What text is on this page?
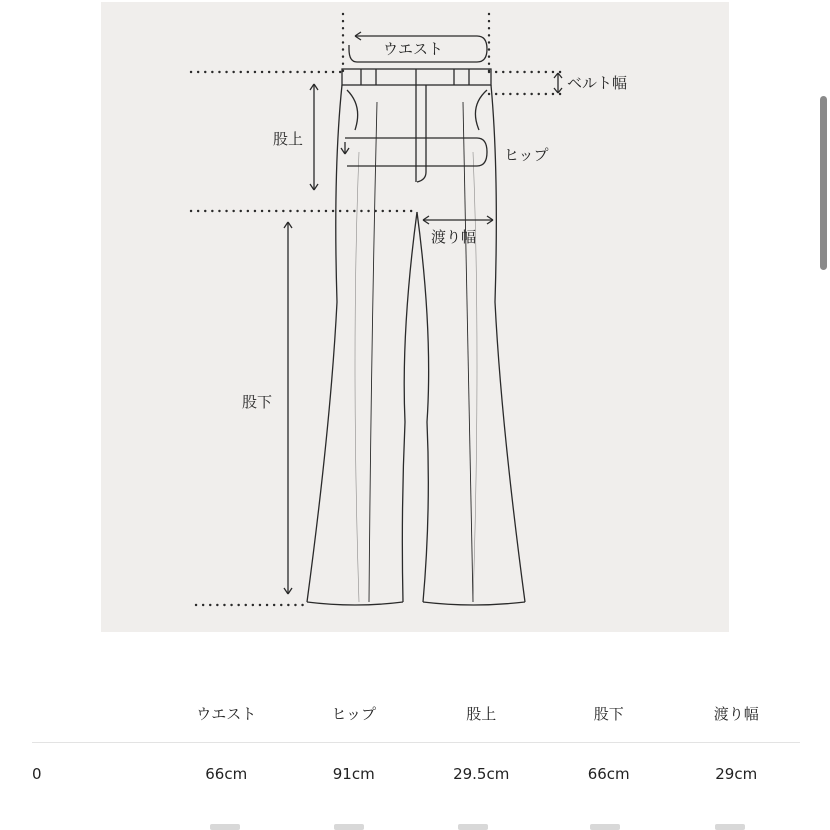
ウエスト
ベルト幅
股上
ヒップ
渡り幅
股下
	ウエスト	ヒップ	股上	股下	渡り幅
0	66cm	91cm	29.5cm	66cm	29cm
